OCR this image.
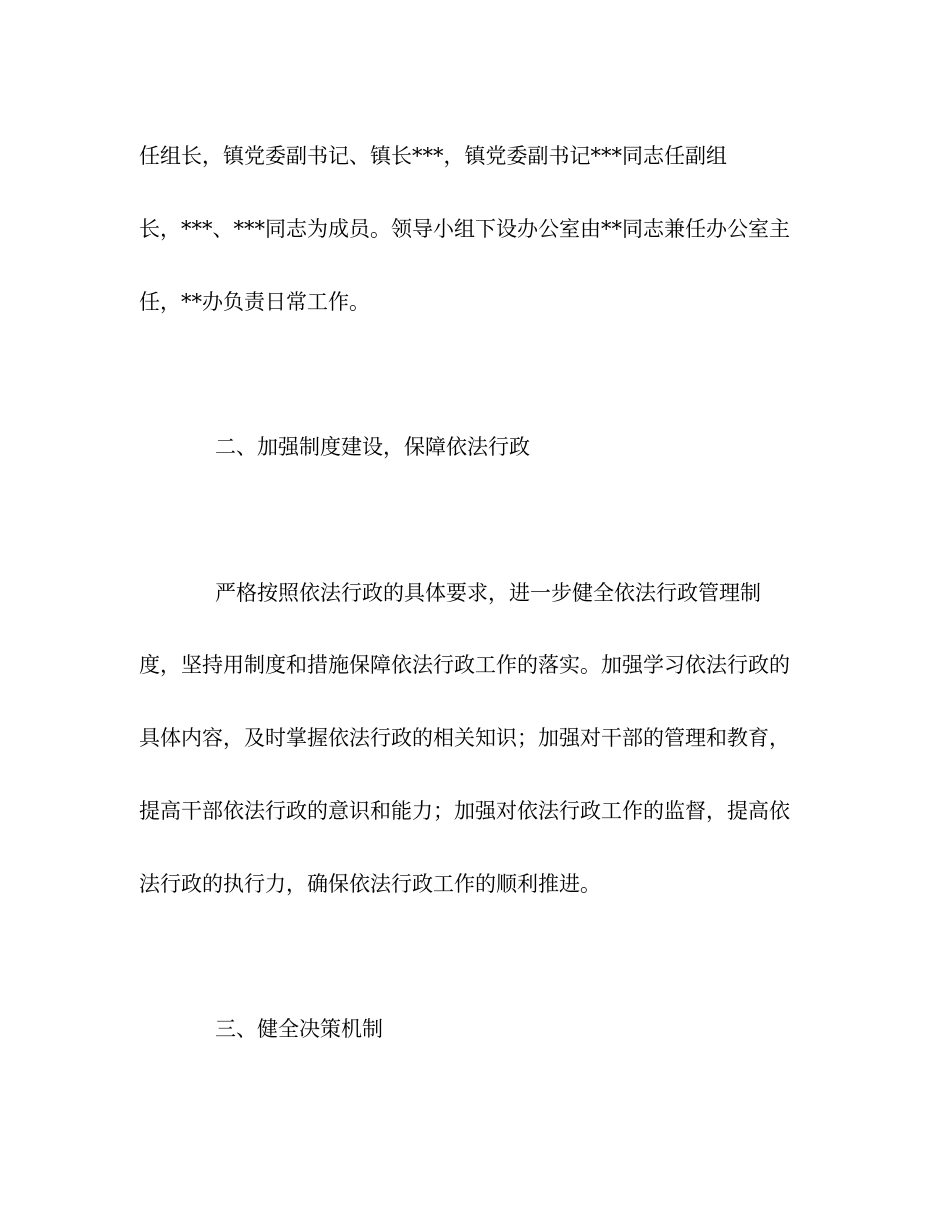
任组长，镇党委副书记、镇长***，镇党委副书记***同志任副组
长，***、***同志为成员。领导小组下设办公室由**同志兼任办公室主
任，**办负责日常工作。
二、加强制度建设，保障依法行政
严格按照依法行政的具体要求，进一步健全依法行政管理制
度，坚持用制度和措施保障依法行政工作的落实。加强学习依法行政的
具体内容，及时掌握依法行政的相关知识；加强对干部的管理和教育，
提高干部依法行政的意识和能力；加强对依法行政工作的监督，提高依
法行政的执行力，确保依法行政工作的顺利推进。
三、健全决策机制
